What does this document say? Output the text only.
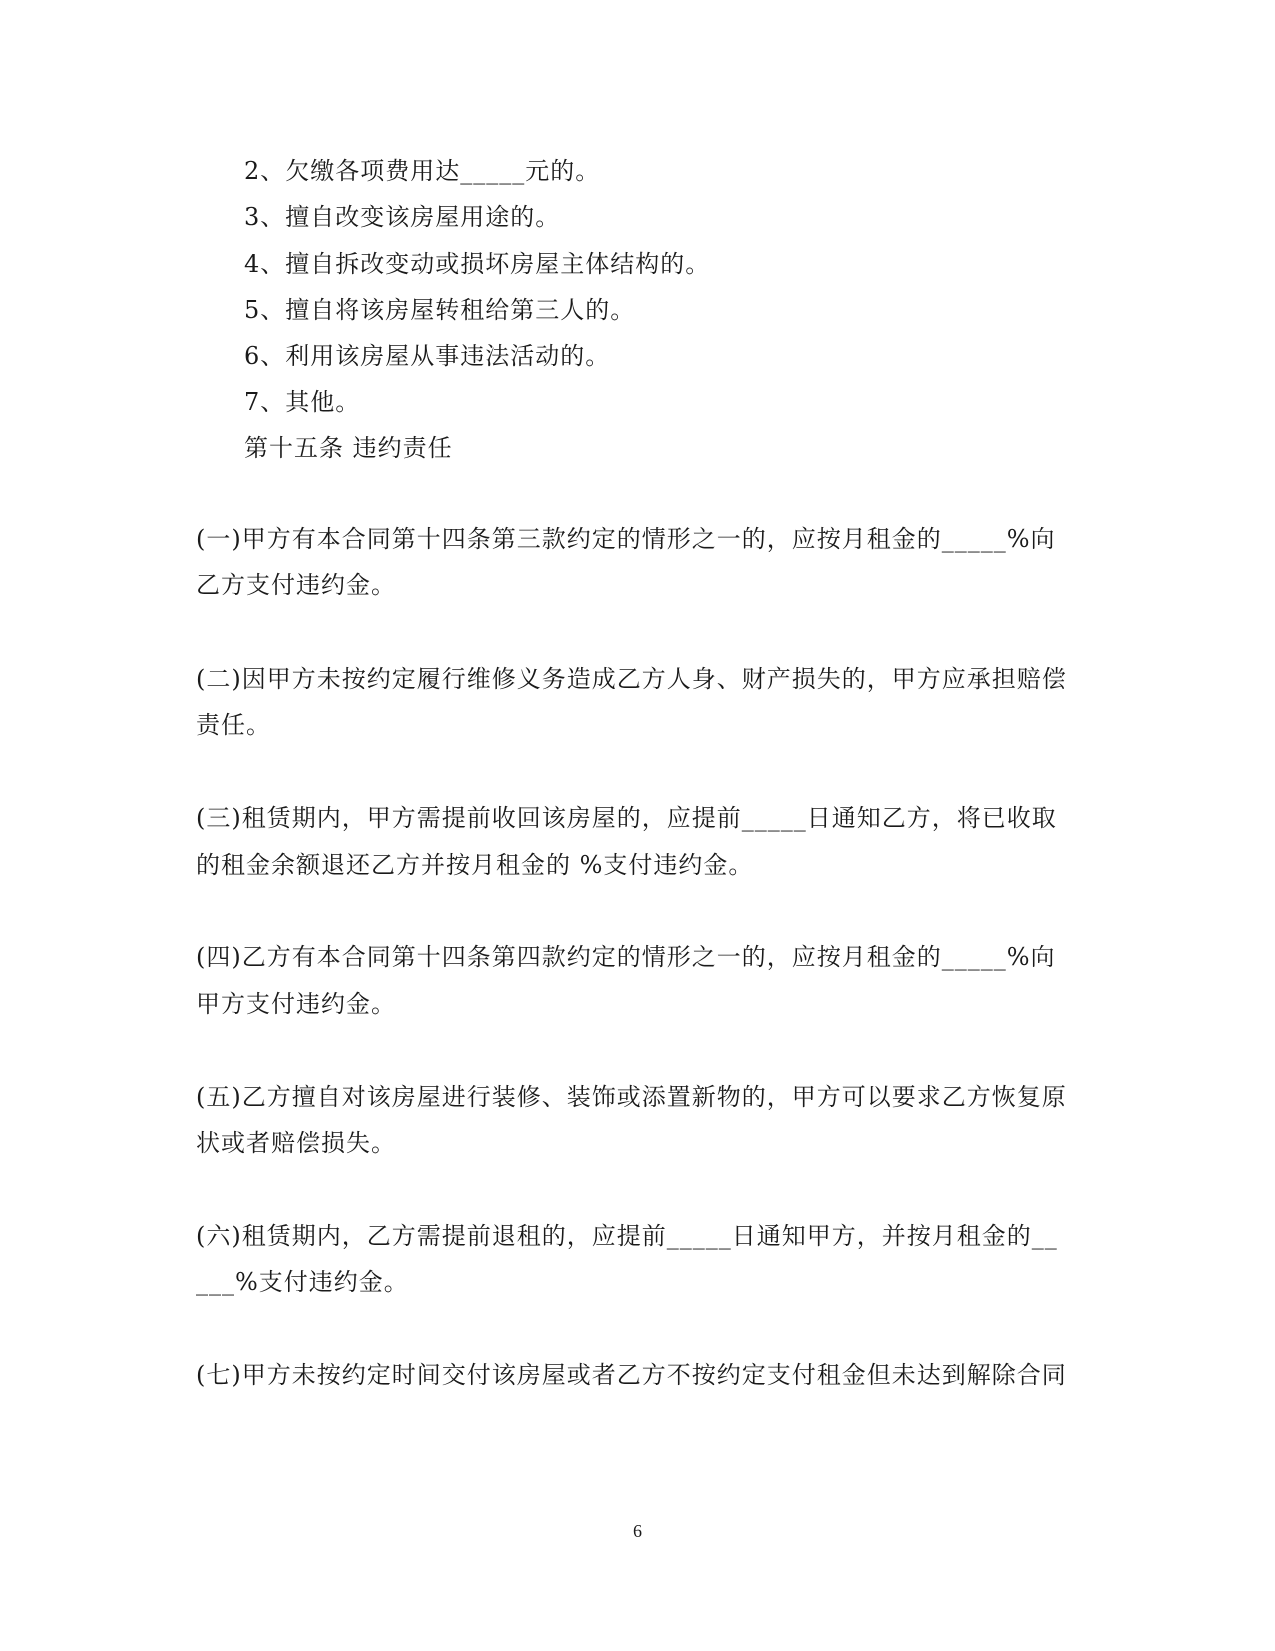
2、欠缴各项费用达_____元的。
3、擅自改变该房屋用途的。
4、擅自拆改变动或损坏房屋主体结构的。
5、擅自将该房屋转租给第三人的。
6、利用该房屋从事违法活动的。
7、其他。
第十五条 违约责任
(一)甲方有本合同第十四条第三款约定的情形之一的，应按月租金的_____%向
乙方支付违约金。
(二)因甲方未按约定履行维修义务造成乙方人身、财产损失的，甲方应承担赔偿
责任。
(三)租赁期内，甲方需提前收回该房屋的，应提前_____日通知乙方，将已收取
的租金余额退还乙方并按月租金的 %支付违约金。
(四)乙方有本合同第十四条第四款约定的情形之一的，应按月租金的_____%向
甲方支付违约金。
(五)乙方擅自对该房屋进行装修、装饰或添置新物的，甲方可以要求乙方恢复原
状或者赔偿损失。
(六)租赁期内，乙方需提前退租的，应提前_____日通知甲方，并按月租金的__
___%支付违约金。
(七)甲方未按约定时间交付该房屋或者乙方不按约定支付租金但未达到解除合同
6
